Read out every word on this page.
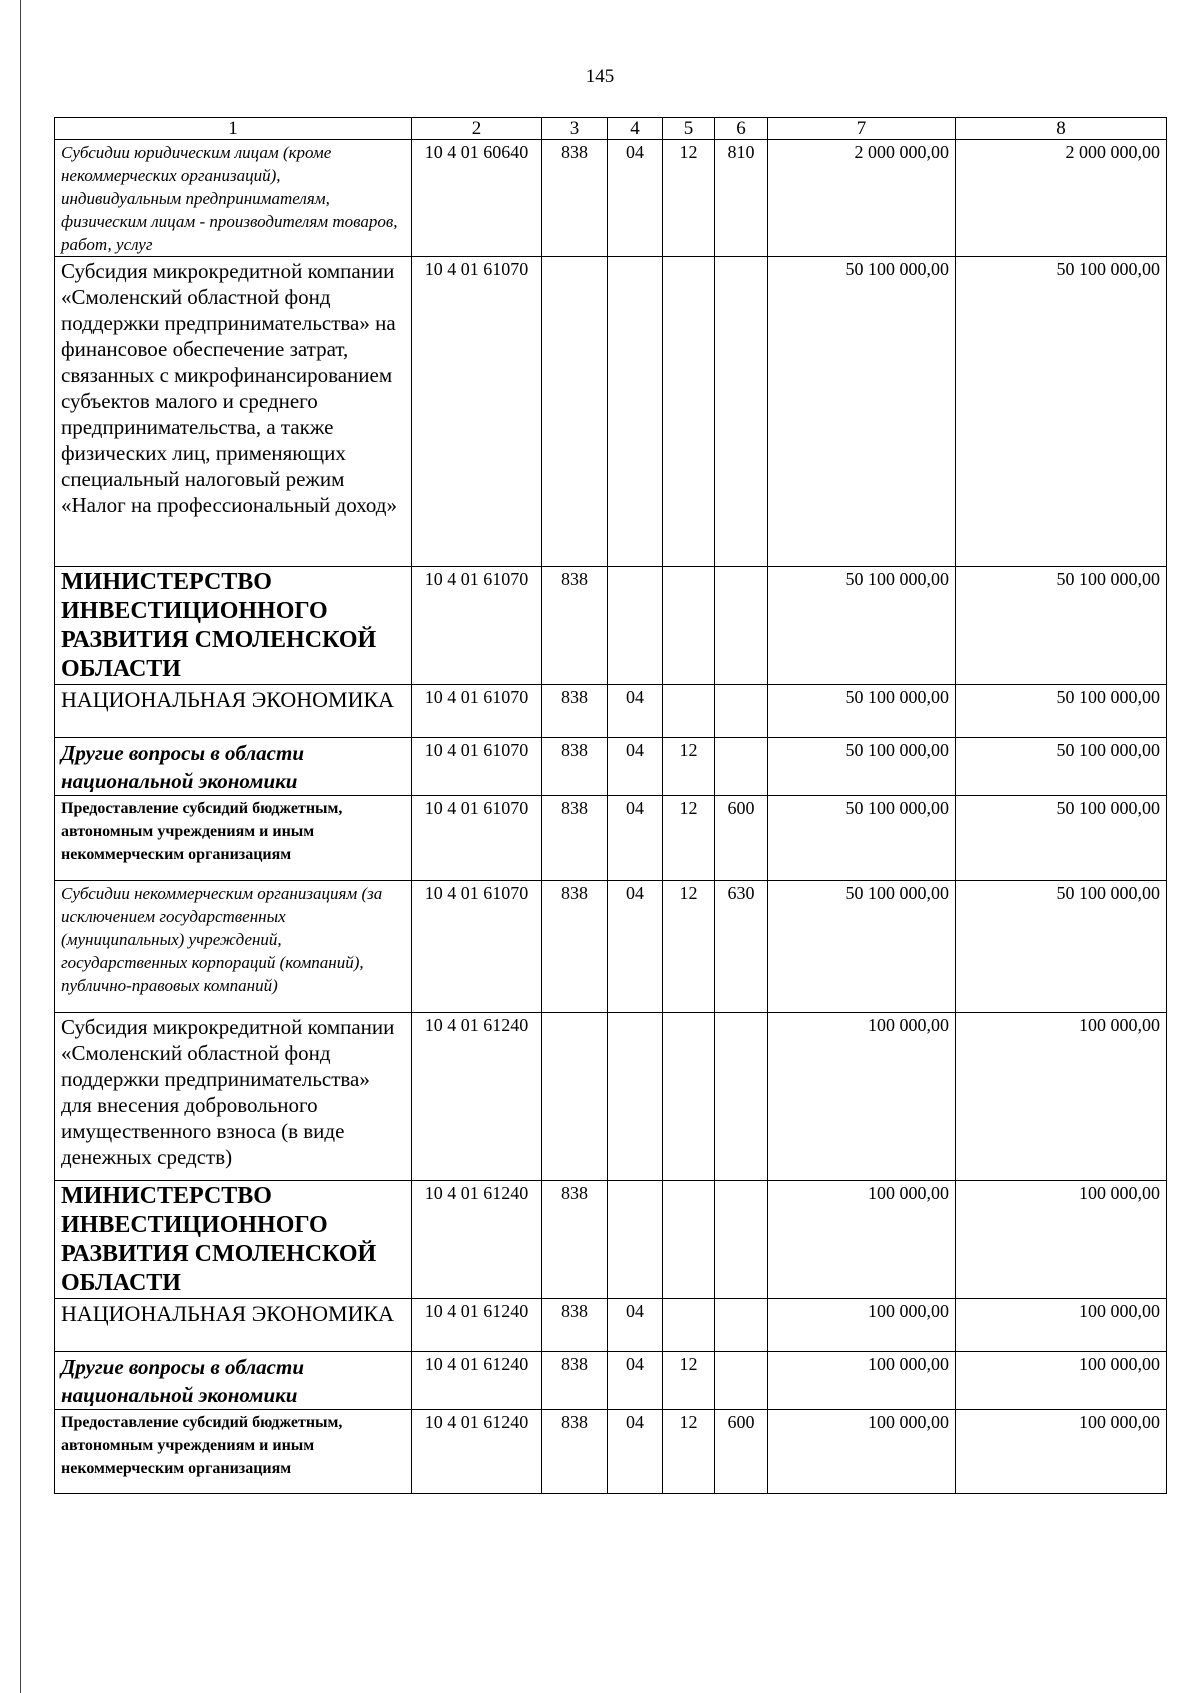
145
1	2	3	4	5	6	7	8
Субсидии юридическим лицам (кроме некоммерческих организаций), индивидуальным предпринимателям, физическим лицам - производителям товаров, работ, услуг	10 4 01 60640	838	04	12	810	2 000 000,00	2 000 000,00
Субсидия микрокредитной компании «Смоленский областной фонд поддержки предпринимательства» на финансовое обеспечение затрат, связанных с микрофинансированием субъектов малого и среднего предпринимательства, а также физических лиц, применяющих специальный налоговый режим «Налог на профессиональный доход»	10 4 01 61070					50 100 000,00	50 100 000,00
МИНИСТЕРСТВО ИНВЕСТИЦИОННОГО РАЗВИТИЯ СМОЛЕНСКОЙ ОБЛАСТИ	10 4 01 61070	838				50 100 000,00	50 100 000,00
НАЦИОНАЛЬНАЯ ЭКОНОМИКА	10 4 01 61070	838	04			50 100 000,00	50 100 000,00
Другие вопросы в области национальной экономики	10 4 01 61070	838	04	12		50 100 000,00	50 100 000,00
Предоставление субсидий бюджетным, автономным учреждениям и иным некоммерческим организациям	10 4 01 61070	838	04	12	600	50 100 000,00	50 100 000,00
Субсидии некоммерческим организациям (за исключением государственных (муниципальных) учреждений, государственных корпораций (компаний), публично-правовых компаний)	10 4 01 61070	838	04	12	630	50 100 000,00	50 100 000,00
Субсидия микрокредитной компании «Смоленский областной фонд поддержки предпринимательства» для внесения добровольного имущественного взноса (в виде денежных средств)	10 4 01 61240					100 000,00	100 000,00
МИНИСТЕРСТВО ИНВЕСТИЦИОННОГО РАЗВИТИЯ СМОЛЕНСКОЙ ОБЛАСТИ	10 4 01 61240	838				100 000,00	100 000,00
НАЦИОНАЛЬНАЯ ЭКОНОМИКА	10 4 01 61240	838	04			100 000,00	100 000,00
Другие вопросы в области национальной экономики	10 4 01 61240	838	04	12		100 000,00	100 000,00
Предоставление субсидий бюджетным, автономным учреждениям и иным некоммерческим организациям	10 4 01 61240	838	04	12	600	100 000,00	100 000,00
